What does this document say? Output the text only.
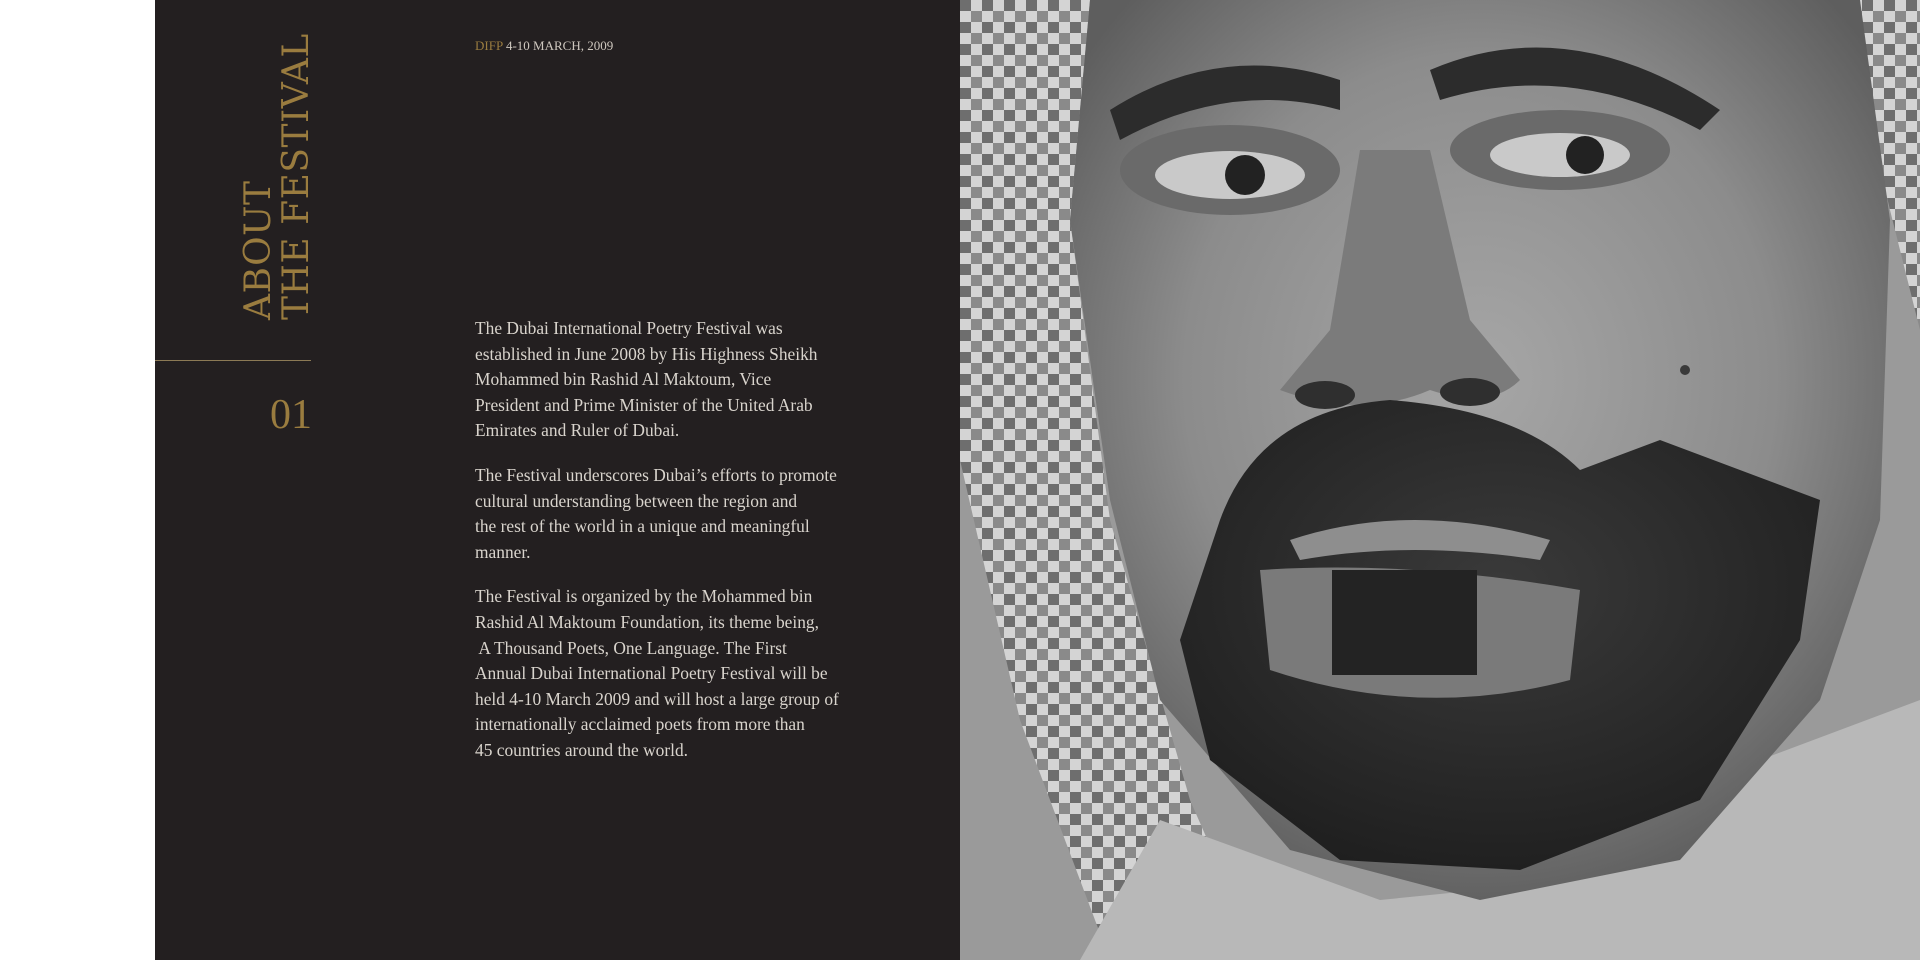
ABOUT
THE FESTIVAL
01
DIFP 4-10 MARCH, 2009

The Dubai International Poetry Festival was
established in June 2008 by His Highness Sheikh
Mohammed bin Rashid Al Maktoum, Vice
President and Prime Minister of the United Arab
Emirates and Ruler of Dubai.

The Festival underscores Dubai’s efforts to promote
cultural understanding between the region and
the rest of the world in a unique and meaningful
manner.

The Festival is organized by the Mohammed bin
Rashid Al Maktoum Foundation, its theme being,
A Thousand Poets, One Language. The First
Annual Dubai International Poetry Festival will be
held 4-10 March 2009 and will host a large group of
internationally acclaimed poets from more than
45 countries around the world.
